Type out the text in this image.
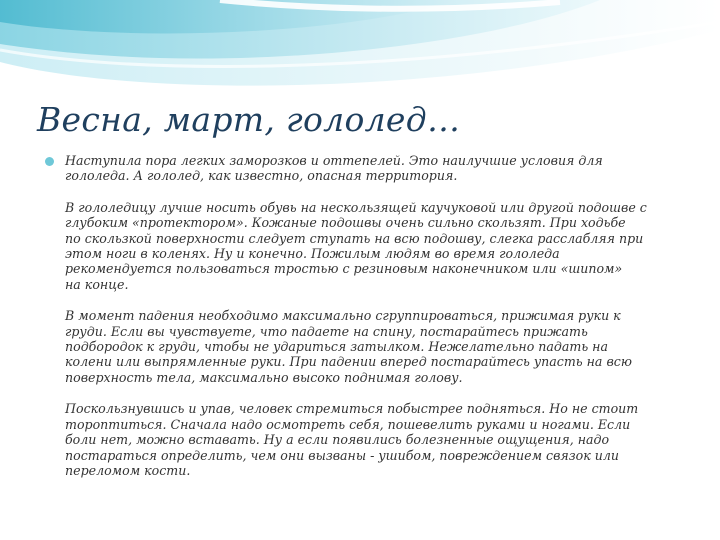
Весна, март, гололед…

Наступила пора легких заморозков и оттепелей. Это наилучшие условия для
гололеда. А гололед, как известно, опасная территория.

В гололедицу лучше носить обувь на нескользящей каучуковой или другой подошве с
глубоким «протектором». Кожаные подошвы очень сильно скользят. При ходьбе
по скользкой поверхности следует ступать на всю подошву, слегка расслабляя при
этом ноги в коленях. Ну и конечно. Пожилым людям во время гололеда
рекомендуется пользоваться тростью с резиновым наконечником или «шипом»
на конце.

В момент падения необходимо максимально сгруппироваться, прижимая руки к
груди. Если вы чувствуете, что падаете на спину, постарайтесь прижать
подбородок к груди, чтобы не удариться затылком. Нежелательно падать на
колени или выпрямленные руки. При падении вперед постарайтесь упасть на всю
поверхность тела, максимально высоко поднимая голову.

Поскользнувшись и упав, человек стремиться побыстрее подняться. Но не стоит
тороптиться. Сначала надо осмотреть себя, пошевелить руками и ногами. Если
боли нет, можно вставать. Ну а если появились болезненные ощущения, надо
постараться определить, чем они вызваны - ушибом, повреждением связок или
переломом кости.
